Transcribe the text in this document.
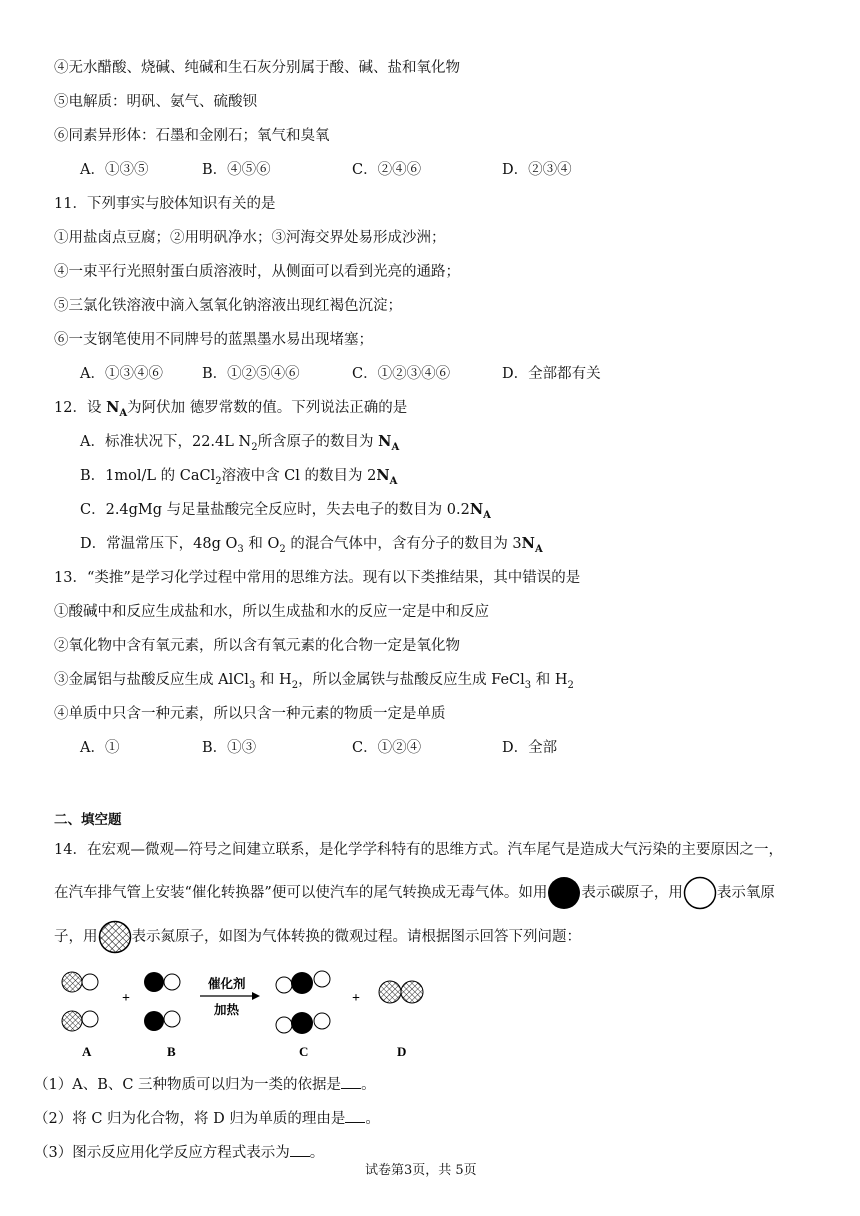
④无水醋酸、烧碱、纯碱和生石灰分别属于酸、碱、盐和氧化物
⑤电解质：明矾、氨气、硫酸钡
⑥同素异形体：石墨和金刚石；氧气和臭氧
A．①③⑤	B．④⑤⑥	C．②④⑥	D．②③④
11．下列事实与胶体知识有关的是
①用盐卤点豆腐；②用明矾净水；③河海交界处易形成沙洲；
④一束平行光照射蛋白质溶液时，从侧面可以看到光亮的通路；
⑤三氯化铁溶液中滴入氢氧化钠溶液出现红褐色沉淀；
⑥一支钢笔使用不同牌号的蓝黑墨水易出现堵塞；
A．①③④⑥	B．①②⑤④⑥	C．①②③④⑥	D．全部都有关
12．设 $N_A$为阿伏加 德罗常数的值。下列说法正确的是
A．标准状况下，22.4L $N_2$所含原子的数目为 $N_A$
B．1mol/L 的 CaCl$_2$溶液中含 Cl 的数目为 $2N_A$
C．2.4gMg 与足量盐酸完全反应时，失去电子的数目为 $0.2N_A$
D．常温常压下，48g $O_3$ 和 $O_2$ 的混合气体中，含有分子的数目为 $3N_A$
13．“类推”是学习化学过程中常用的思维方法。现有以下类推结果，其中错误的是
①酸碱中和反应生成盐和水，所以生成盐和水的反应一定是中和反应
②氧化物中含有氧元素，所以含有氧元素的化合物一定是氧化物
③金属铝与盐酸反应生成 AlCl$_3$ 和 $H_2$，所以金属铁与盐酸反应生成 FeCl$_3$ 和 $H_2$
④单质中只含一种元素，所以只含一种元素的物质一定是单质
A．①	B．①③	C．①②④	D．全部
二、填空题
14．在宏观—微观—符号之间建立联系，是化学学科特有的思维方式。汽车尾气是造成大气污染的主要原因之一，
在汽车排气管上安装“催化转换器”便可以使汽车的尾气转换成无毒气体。如用 表示碳原子，用 表示氧原
子，用 表示氮原子，如图为气体转换的微观过程。请根据图示回答下列问题：
+
催化剂
加热
+
A	B	C	D
（1）A、B、C 三种物质可以归为一类的依据是 。
（2）将 C 归为化合物，将 D 归为单质的理由是 。
（3）图示反应用化学反应方程式表示为 。
试卷第3页，共 5页
